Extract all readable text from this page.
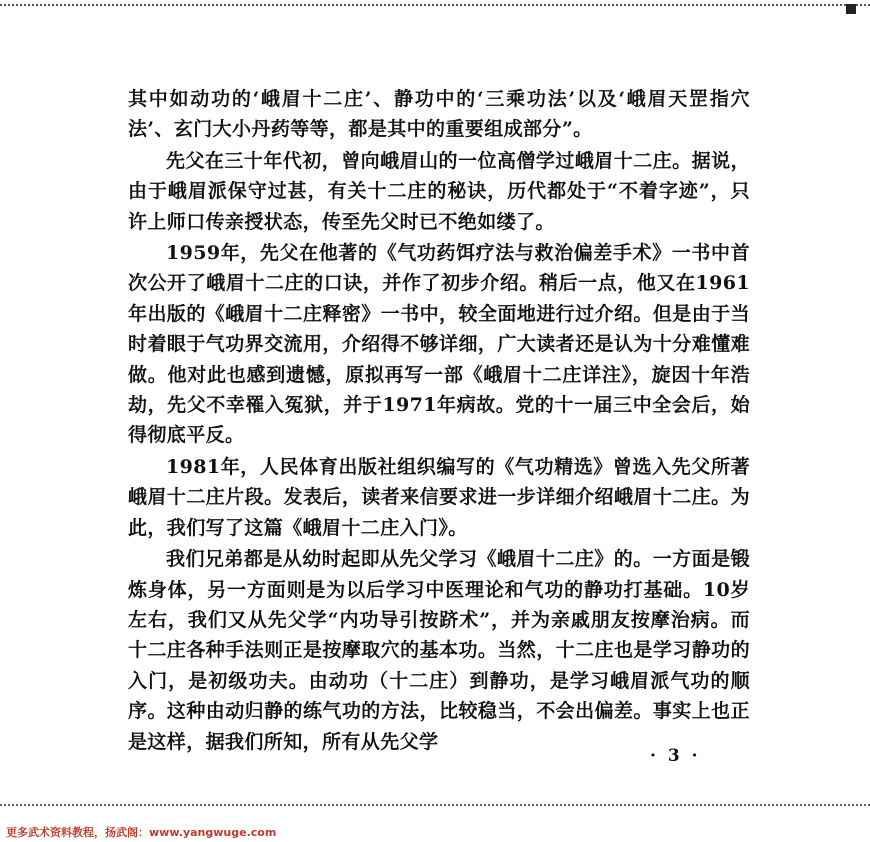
其中如动功的‘峨眉十二庄’、静功中的‘三乘功法’以及‘峨眉天罡指穴法’、玄门大小丹药等等，都是其中的重要组成部分”。

先父在三十年代初，曾向峨眉山的一位高僧学过峨眉十二庄。据说，由于峨眉派保守过甚，有关十二庄的秘诀，历代都处于“不着字迹”，只许上师口传亲授状态，传至先父时已不绝如缕了。

1959年，先父在他著的《气功药饵疗法与救治偏差手术》一书中首次公开了峨眉十二庄的口诀，并作了初步介绍。稍后一点，他又在1961年出版的《峨眉十二庄释密》一书中，较全面地进行过介绍。但是由于当时着眼于气功界交流用，介绍得不够详细，广大读者还是认为十分难懂难做。他对此也感到遗憾，原拟再写一部《峨眉十二庄详注》，旋因十年浩劫，先父不幸罹入冤狱，并于1971年病故。党的十一届三中全会后，始得彻底平反。

1981年，人民体育出版社组织编写的《气功精选》曾选入先父所著峨眉十二庄片段。发表后，读者来信要求进一步详细介绍峨眉十二庄。为此，我们写了这篇《峨眉十二庄入门》。

我们兄弟都是从幼时起即从先父学习《峨眉十二庄》的。一方面是锻炼身体，另一方面则是为以后学习中医理论和气功的静功打基础。10岁左右，我们又从先父学“内功导引按跻术”，并为亲戚朋友按摩治病。而十二庄各种手法则正是按摩取穴的基本功。当然，十二庄也是学习静功的入门，是初级功夫。由动功（十二庄）到静功，是学习峨眉派气功的顺序。这种由动归静的练气功的方法，比较稳当，不会出偏差。事实上也正是这样，据我们所知，所有从先父学

· 3 ·
更多武术资料教程，扬武阁：www.yangwuge.com
